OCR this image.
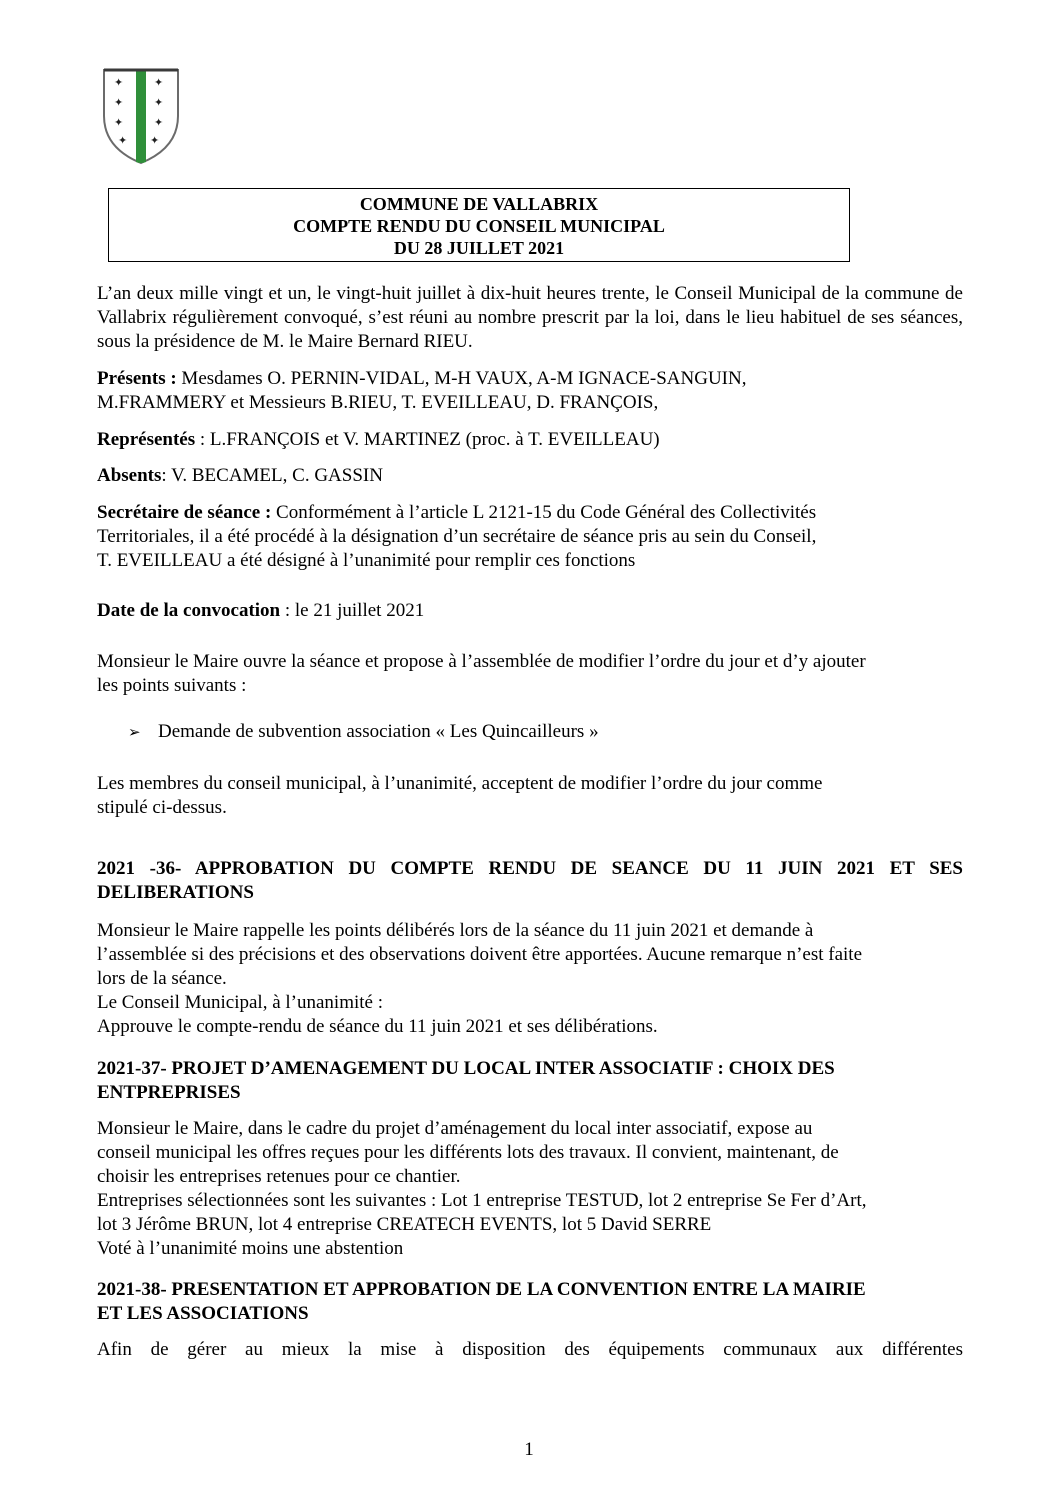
✦	✦
✦	✦
✦	✦
✦ ✦
COMMUNE DE VALLABRIX
COMPTE RENDU DU CONSEIL MUNICIPAL
DU 28 JUILLET 2021

L’an deux mille vingt et un, le vingt-huit juillet à dix-huit heures trente, le Conseil Municipal de la commune de Vallabrix régulièrement convoqué, s’est réuni au nombre prescrit par la loi, dans le lieu habituel de ses séances, sous la présidence de M. le Maire Bernard RIEU.

Présents : Mesdames O. PERNIN-VIDAL, M-H VAUX, A-M IGNACE-SANGUIN,

M.FRAMMERY et Messieurs B.RIEU, T. EVEILLEAU, D. FRANÇOIS,

Représentés : L.FRANÇOIS et V. MARTINEZ (proc. à T. EVEILLEAU)

Absents: V. BECAMEL, C. GASSIN

Secrétaire de séance : Conformément à l’article L 2121-15 du Code Général des Collectivités

Territoriales, il a été procédé à la désignation d’un secrétaire de séance pris au sein du Conseil,

T. EVEILLEAU a été désigné à l’unanimité pour remplir ces fonctions

Date de la convocation : le 21 juillet 2021

Monsieur le Maire ouvre la séance et propose à l’assemblée de modifier l’ordre du jour et d’y ajouter

les points suivants :

➢ Demande de subvention association « Les Quincailleurs »

Les membres du conseil municipal, à l’unanimité, acceptent de modifier l’ordre du jour comme

stipulé ci-dessus.

2021 -36- APPROBATION DU COMPTE RENDU DE SEANCE DU 11 JUIN 2021 ET SES

DELIBERATIONS

Monsieur le Maire rappelle les points délibérés lors de la séance du 11 juin 2021 et demande à

l’assemblée si des précisions et des observations doivent être apportées. Aucune remarque n’est faite

lors de la séance.

Le Conseil Municipal, à l’unanimité :

Approuve le compte-rendu de séance du 11 juin 2021 et ses délibérations.

2021-37- PROJET D’AMENAGEMENT DU LOCAL INTER ASSOCIATIF : CHOIX DES

ENTPREPRISES

Monsieur le Maire, dans le cadre du projet d’aménagement du local inter associatif, expose au

conseil municipal les offres reçues pour les différents lots des travaux. Il convient, maintenant, de

choisir les entreprises retenues pour ce chantier.

Entreprises sélectionnées sont les suivantes : Lot 1 entreprise TESTUD, lot 2 entreprise Se Fer d’Art,

lot 3 Jérôme BRUN, lot 4 entreprise CREATECH EVENTS, lot 5 David SERRE

Voté à l’unanimité moins une abstention

2021-38- PRESENTATION ET APPROBATION DE LA CONVENTION ENTRE LA MAIRIE

ET LES ASSOCIATIONS

Afin de gérer au mieux la mise à disposition des équipements communaux aux différentes

1
